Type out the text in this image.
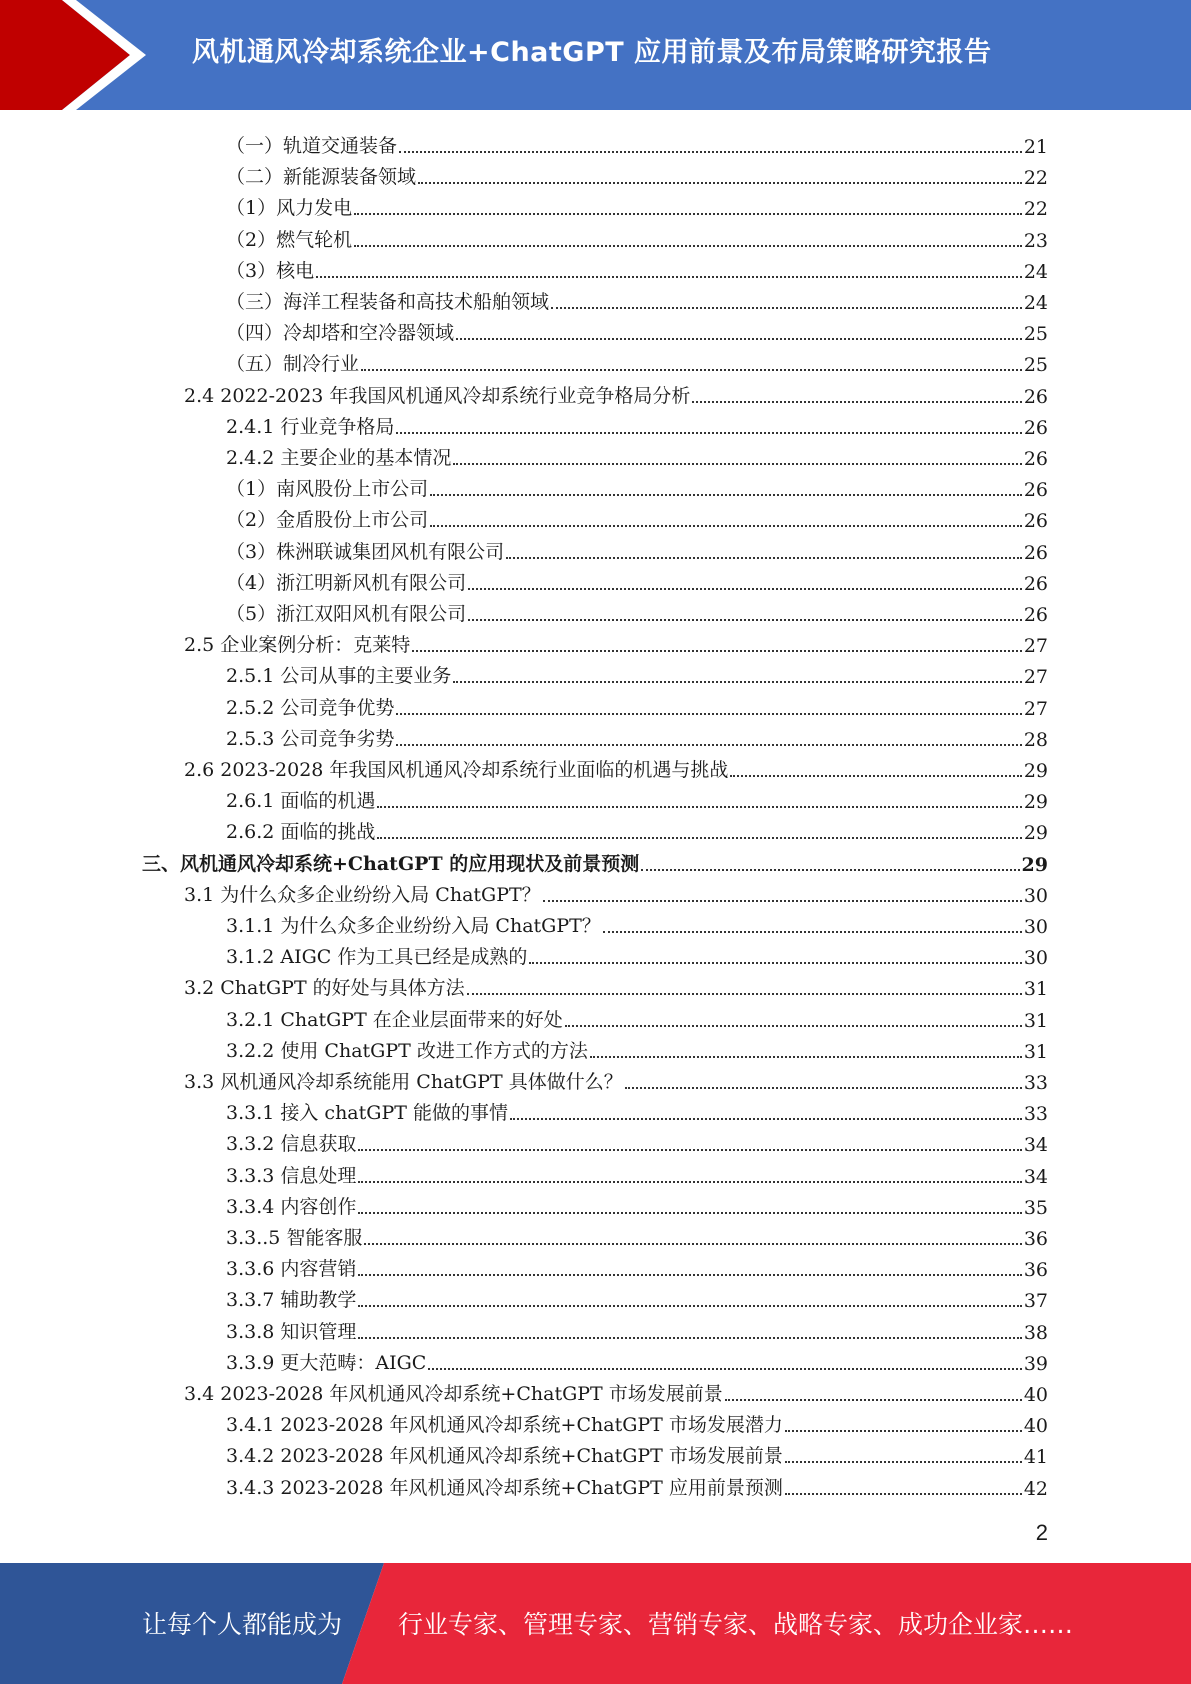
风机通风冷却系统企业+ChatGPT 应用前景及布局策略研究报告
（一）轨道交通装备	21
（二）新能源装备领域	22
（1）风力发电	22
（2）燃气轮机	23
（3）核电	24
（三）海洋工程装备和高技术船舶领域	24
（四）冷却塔和空冷器领域	25
（五）制冷行业	25
2.4 2022-2023 年我国风机通风冷却系统行业竞争格局分析	26
2.4.1 行业竞争格局	26
2.4.2 主要企业的基本情况	26
（1）南风股份上市公司	26
（2）金盾股份上市公司	26
（3）株洲联诚集团风机有限公司	26
（4）浙江明新风机有限公司	26
（5）浙江双阳风机有限公司	26
2.5 企业案例分析：克莱特	27
2.5.1 公司从事的主要业务	27
2.5.2 公司竞争优势	27
2.5.3 公司竞争劣势	28
2.6 2023-2028 年我国风机通风冷却系统行业面临的机遇与挑战	29
2.6.1 面临的机遇	29
2.6.2 面临的挑战	29
三、风机通风冷却系统+ChatGPT 的应用现状及前景预测	29
3.1 为什么众多企业纷纷入局 ChatGPT？	30
3.1.1 为什么众多企业纷纷入局 ChatGPT？	30
3.1.2 AIGC 作为工具已经是成熟的	30
3.2 ChatGPT 的好处与具体方法	31
3.2.1 ChatGPT 在企业层面带来的好处	31
3.2.2 使用 ChatGPT 改进工作方式的方法	31
3.3 风机通风冷却系统能用 ChatGPT 具体做什么？	33
3.3.1 接入 chatGPT 能做的事情	33
3.3.2 信息获取	34
3.3.3 信息处理	34
3.3.4 内容创作	35
3.3..5 智能客服	36
3.3.6 内容营销	36
3.3.7 辅助教学	37
3.3.8 知识管理	38
3.3.9 更大范畴：AIGC	39
3.4 2023-2028 年风机通风冷却系统+ChatGPT 市场发展前景	40
3.4.1 2023-2028 年风机通风冷却系统+ChatGPT 市场发展潜力	40
3.4.2 2023-2028 年风机通风冷却系统+ChatGPT 市场发展前景	41
3.4.3 2023-2028 年风机通风冷却系统+ChatGPT 应用前景预测	42
2
让每个人都能成为 行业专家、管理专家、营销专家、战略专家、成功企业家……
